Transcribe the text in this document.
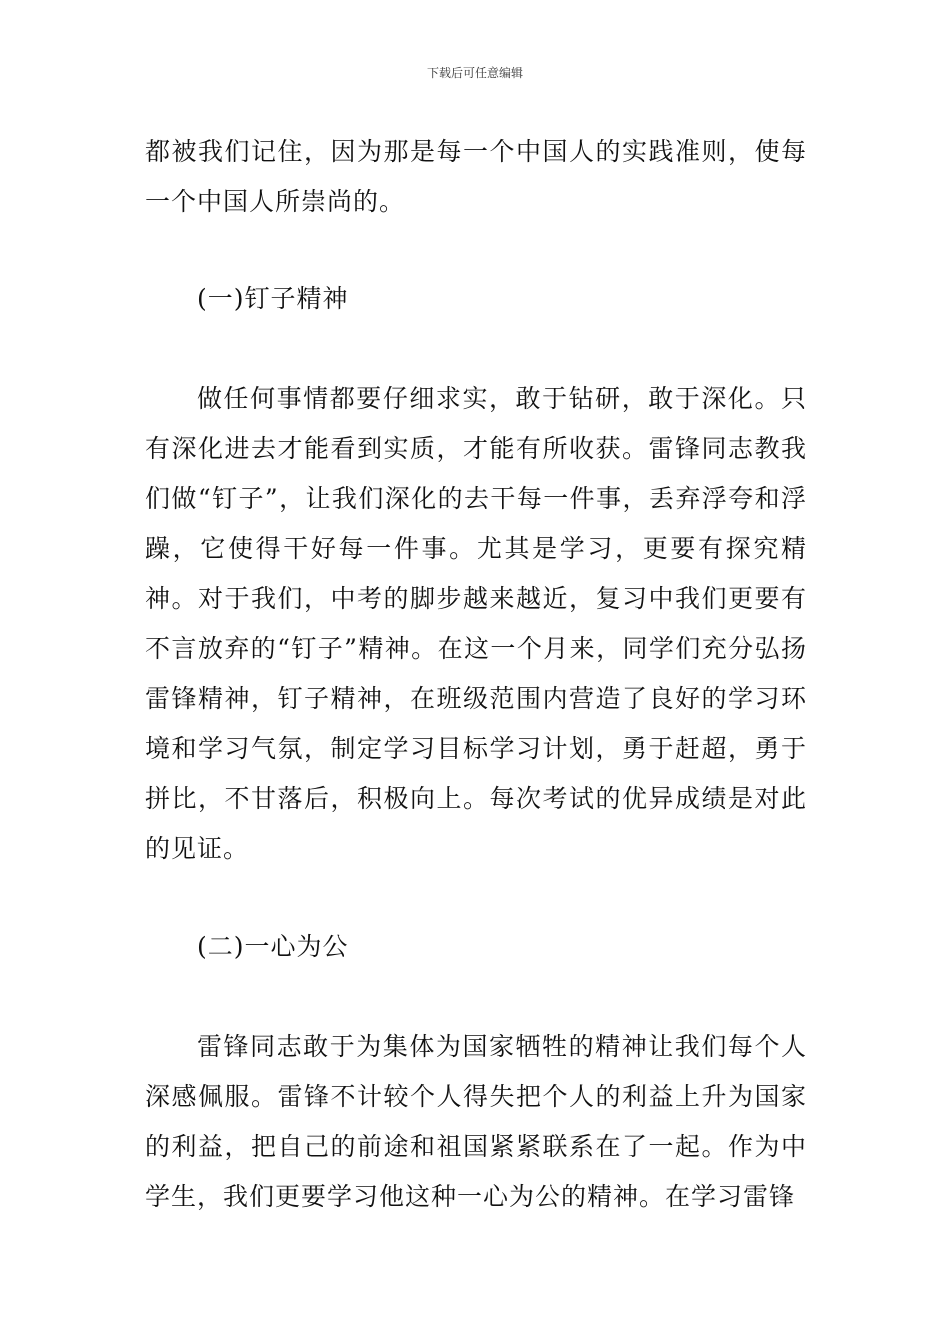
下载后可任意编辑
都被我们记住，因为那是每一个中国人的实践准则，使每一个中国人所崇尚的。
(一)钉子精神
做任何事情都要仔细求实，敢于钻研，敢于深化。只有深化进去才能看到实质，才能有所收获。雷锋同志教我们做“钉子”，让我们深化的去干每一件事，丢弃浮夸和浮躁，它使得干好每一件事。尤其是学习，更要有探究精神。对于我们，中考的脚步越来越近，复习中我们更要有不言放弃的“钉子”精神。在这一个月来，同学们充分弘扬雷锋精神，钉子精神，在班级范围内营造了良好的学习环境和学习气氛，制定学习目标学习计划，勇于赶超，勇于拼比，不甘落后，积极向上。每次考试的优异成绩是对此的见证。
(二)一心为公
雷锋同志敢于为集体为国家牺牲的精神让我们每个人深感佩服。雷锋不计较个人得失把个人的利益上升为国家的利益，把自己的前途和祖国紧紧联系在了一起。作为中学生，我们更要学习他这种一心为公的精神。在学习雷锋
